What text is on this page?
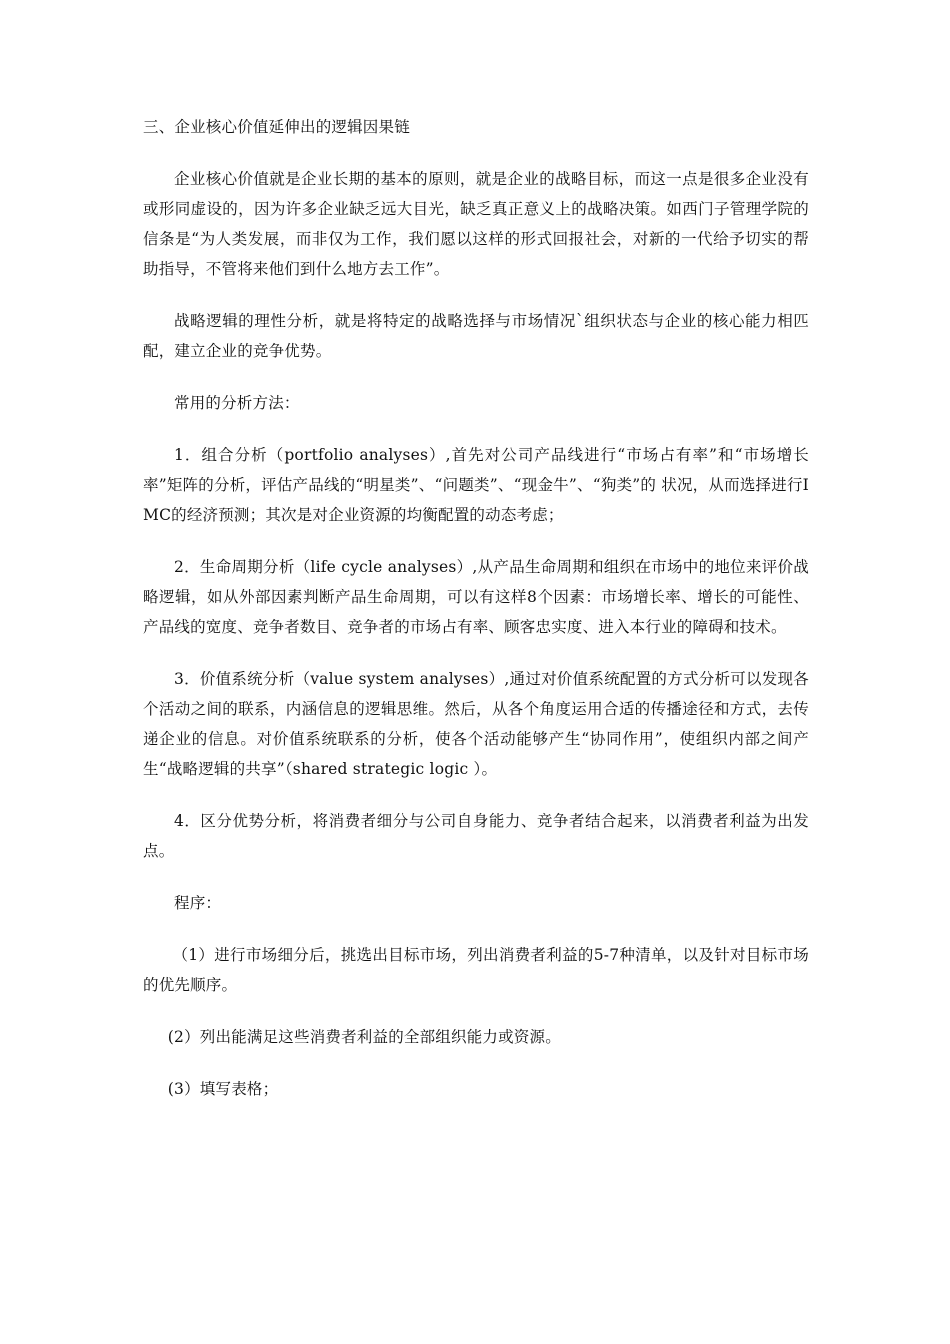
三、企业核心价值延伸出的逻辑因果链

企业核心价值就是企业长期的基本的原则，就是企业的战略目标，而这一点是很多企业没有或形同虚设的，因为许多企业缺乏远大目光，缺乏真正意义上的战略决策。如西门子管理学院的信条是“为人类发展，而非仅为工作，我们愿以这样的形式回报社会，对新的一代给予切实的帮助指导，不管将来他们到什么地方去工作”。

战略逻辑的理性分析，就是将特定的战略选择与市场情况`组织状态与企业的核心能力相匹配，建立企业的竞争优势。

常用的分析方法：

1．组合分析（portfolio analyses）,首先对公司产品线进行“市场占有率”和“市场增长率”矩阵的分析，评估产品线的“明星类”、“问题类”、“现金牛”、“狗类”的 状况，从而选择进行IMC的经济预测；其次是对企业资源的均衡配置的动态考虑；

2．生命周期分析（life cycle analyses）,从产品生命周期和组织在市场中的地位来评价战略逻辑，如从外部因素判断产品生命周期，可以有这样8个因素：市场增长率、增长的可能性、产品线的宽度、竞争者数目、竞争者的市场占有率、顾客忠实度、进入本行业的障碍和技术。

3．价值系统分析（value system analyses）,通过对价值系统配置的方式分析可以发现各个活动之间的联系，内涵信息的逻辑思维。然后，从各个角度运用合适的传播途径和方式，去传递企业的信息。对价值系统联系的分析，使各个活动能够产生“协同作用”，使组织内部之间产生“战略逻辑的共享”（shared strategic logic ）。

4．区分优势分析，将消费者细分与公司自身能力、竞争者结合起来，以消费者利益为出发点。

程序：

（1）进行市场细分后，挑选出目标市场，列出消费者利益的5-7种清单，以及针对目标市场的优先顺序。

(2）列出能满足这些消费者利益的全部组织能力或资源。

(3）填写表格；
